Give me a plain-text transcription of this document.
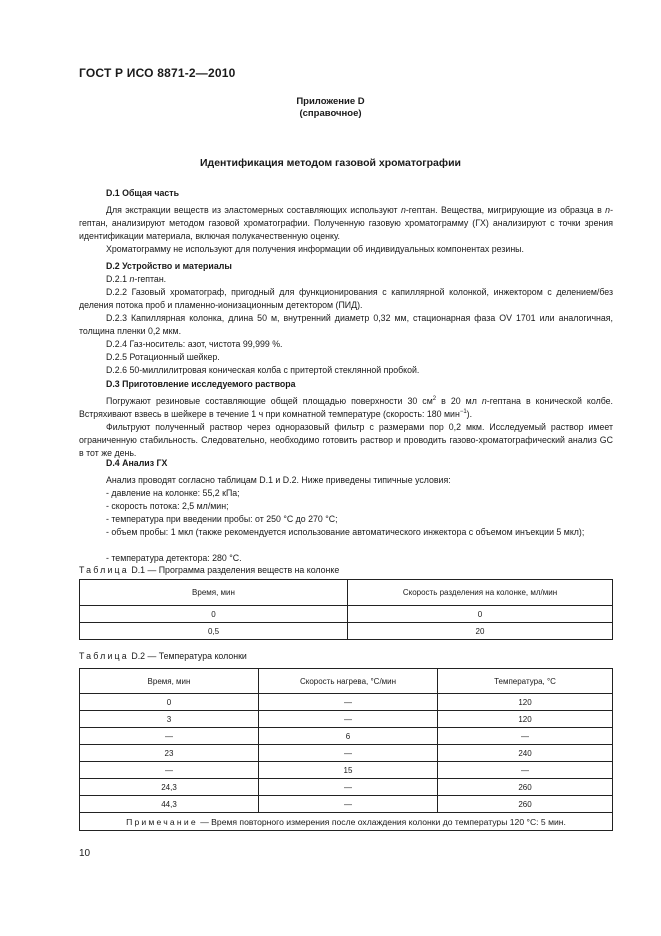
ГОСТ Р ИСО 8871-2—2010
Приложение D
(справочное)
Идентификация методом газовой хроматографии
D.1 Общая часть
Для экстракции веществ из эластомерных составляющих используют n-гептан. Вещества, мигрирующие из образца в n-гептан, анализируют методом газовой хроматографии. Полученную газовую хроматограмму (ГХ) анализируют с точки зрения идентификации материала, включая полукачественную оценку.
Хроматограмму не используют для получения информации об индивидуальных компонентах резины.
D.2 Устройство и материалы
D.2.1 n-гептан.
D.2.2 Газовый хроматограф, пригодный для функционирования с капиллярной колонкой, инжектором с делением/без деления потока проб и пламенно-ионизационным детектором (ПИД).
D.2.3 Капиллярная колонка, длина 50 м, внутренний диаметр 0,32 мм, стационарная фаза OV 1701 или аналогичная, толщина пленки 0,2 мкм.
D.2.4 Газ-носитель: азот, чистота 99,999 %.
D.2.5 Ротационный шейкер.
D.2.6 50-миллилитровая коническая колба с притертой стеклянной пробкой.
D.3 Приготовление исследуемого раствора
Погружают резиновые составляющие общей площадью поверхности 30 $см^2$ в 20 мл n-гептана в конической колбе. Встряхивают взвесь в шейкере в течение 1 ч при комнатной температуре (скорость: 180 мин$^{-1}$).
Фильтруют полученный раствор через одноразовый фильтр с размерами пор 0,2 мкм. Исследуемый раствор имеет ограниченную стабильность. Следовательно, необходимо готовить раствор и проводить газово-хроматографический анализ GC в тот же день.
D.4 Анализ ГХ
Анализ проводят согласно таблицам D.1 и D.2. Ниже приведены типичные условия:
- давление на колонке: 55,2 кПа;
- скорость потока: 2,5 мл/мин;
- температура при введении пробы: от 250 °С до 270 °С;
- объем пробы: 1 мкл (также рекомендуется использование автоматического инжектора с объемом инъекции 5 мкл);
- температура детектора: 280 °С.
Таблица D.1 — Программа разделения веществ на колонке
Время, мин	Скорость разделения на колонке, мл/мин
0	0
0,5	20
Таблица D.2 — Температура колонки
Время, мин	Скорость нагрева, °С/мин	Температура, °С
0	—	120
3	—	120
—	6	—
23	—	240
—	15	—
24,3	—	260
44,3	—	260
Примечание — Время повторного измерения после охлаждения колонки до температуры 120 °С: 5 мин.		
10
